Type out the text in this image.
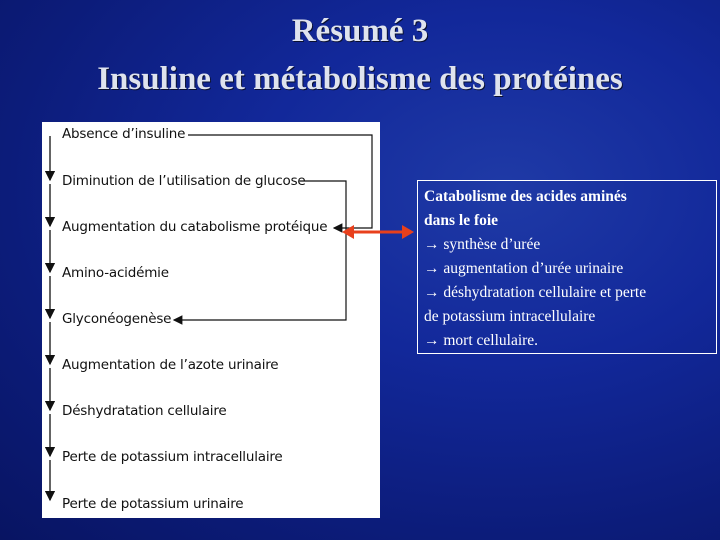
Résumé 3
Insuline et métabolisme des protéines
Absence d’insuline
Diminution de l’utilisation de glucose
Augmentation du catabolisme protéique
Amino-acidémie
Glyconéogenèse
Augmentation de l’azote urinaire
Déshydratation cellulaire
Perte de potassium intracellulaire
Perte de potassium urinaire
Catabolisme des acides aminés
dans le foie
→ synthèse d’urée
→ augmentation d’urée urinaire
→ déshydratation cellulaire et perte
de potassium intracellulaire
→ mort cellulaire.
